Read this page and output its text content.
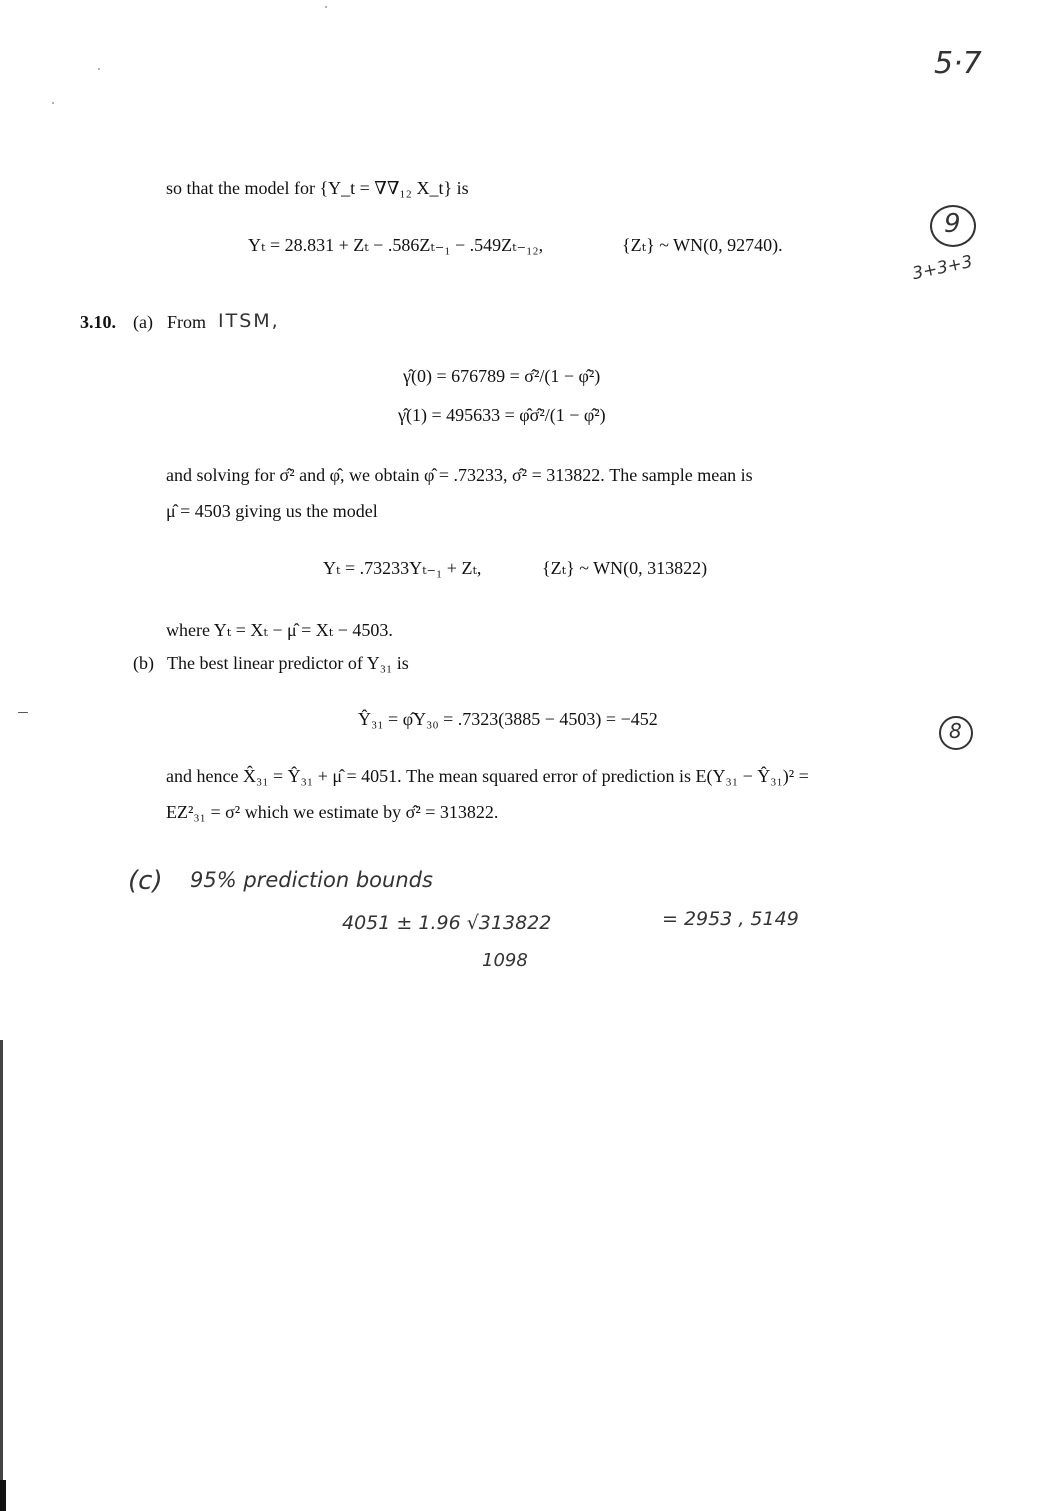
5·7
so that the model for {Y_t = ∇∇₁₂ X_t} is
Yₜ = 28.831 + Zₜ − .586Zₜ₋₁ − .549Zₜ₋₁₂,	{Zₜ} ~ WN(0, 92740).
9
3+3+3
3.10. (a) From ITSM,
γ̂(0) = 676789 = σ̂²/(1 − φ̂²)
γ̂(1) = 495633 = φ̂σ̂²/(1 − φ̂²)
and solving for σ̂² and φ̂, we obtain φ̂ = .73233, σ̂² = 313822. The sample mean is
μ̂ = 4503 giving us the model
Yₜ = .73233Yₜ₋₁ + Zₜ,	{Zₜ} ~ WN(0, 313822)
where Yₜ = Xₜ − μ̂ = Xₜ − 4503.
(b) The best linear predictor of Y₃₁ is
Ŷ₃₁ = φ̂Y₃₀ = .7323(3885 − 4503) = −452	8
and hence X̂₃₁ = Ŷ₃₁ + μ̂ = 4051. The mean squared error of prediction is E(Y₃₁ − Ŷ₃₁)² =
EZ²₃₁ = σ² which we estimate by σ̂² = 313822.
(c) 95% prediction bounds
4051 ± 1.96 √313822	= 2953 , 5149
1098
